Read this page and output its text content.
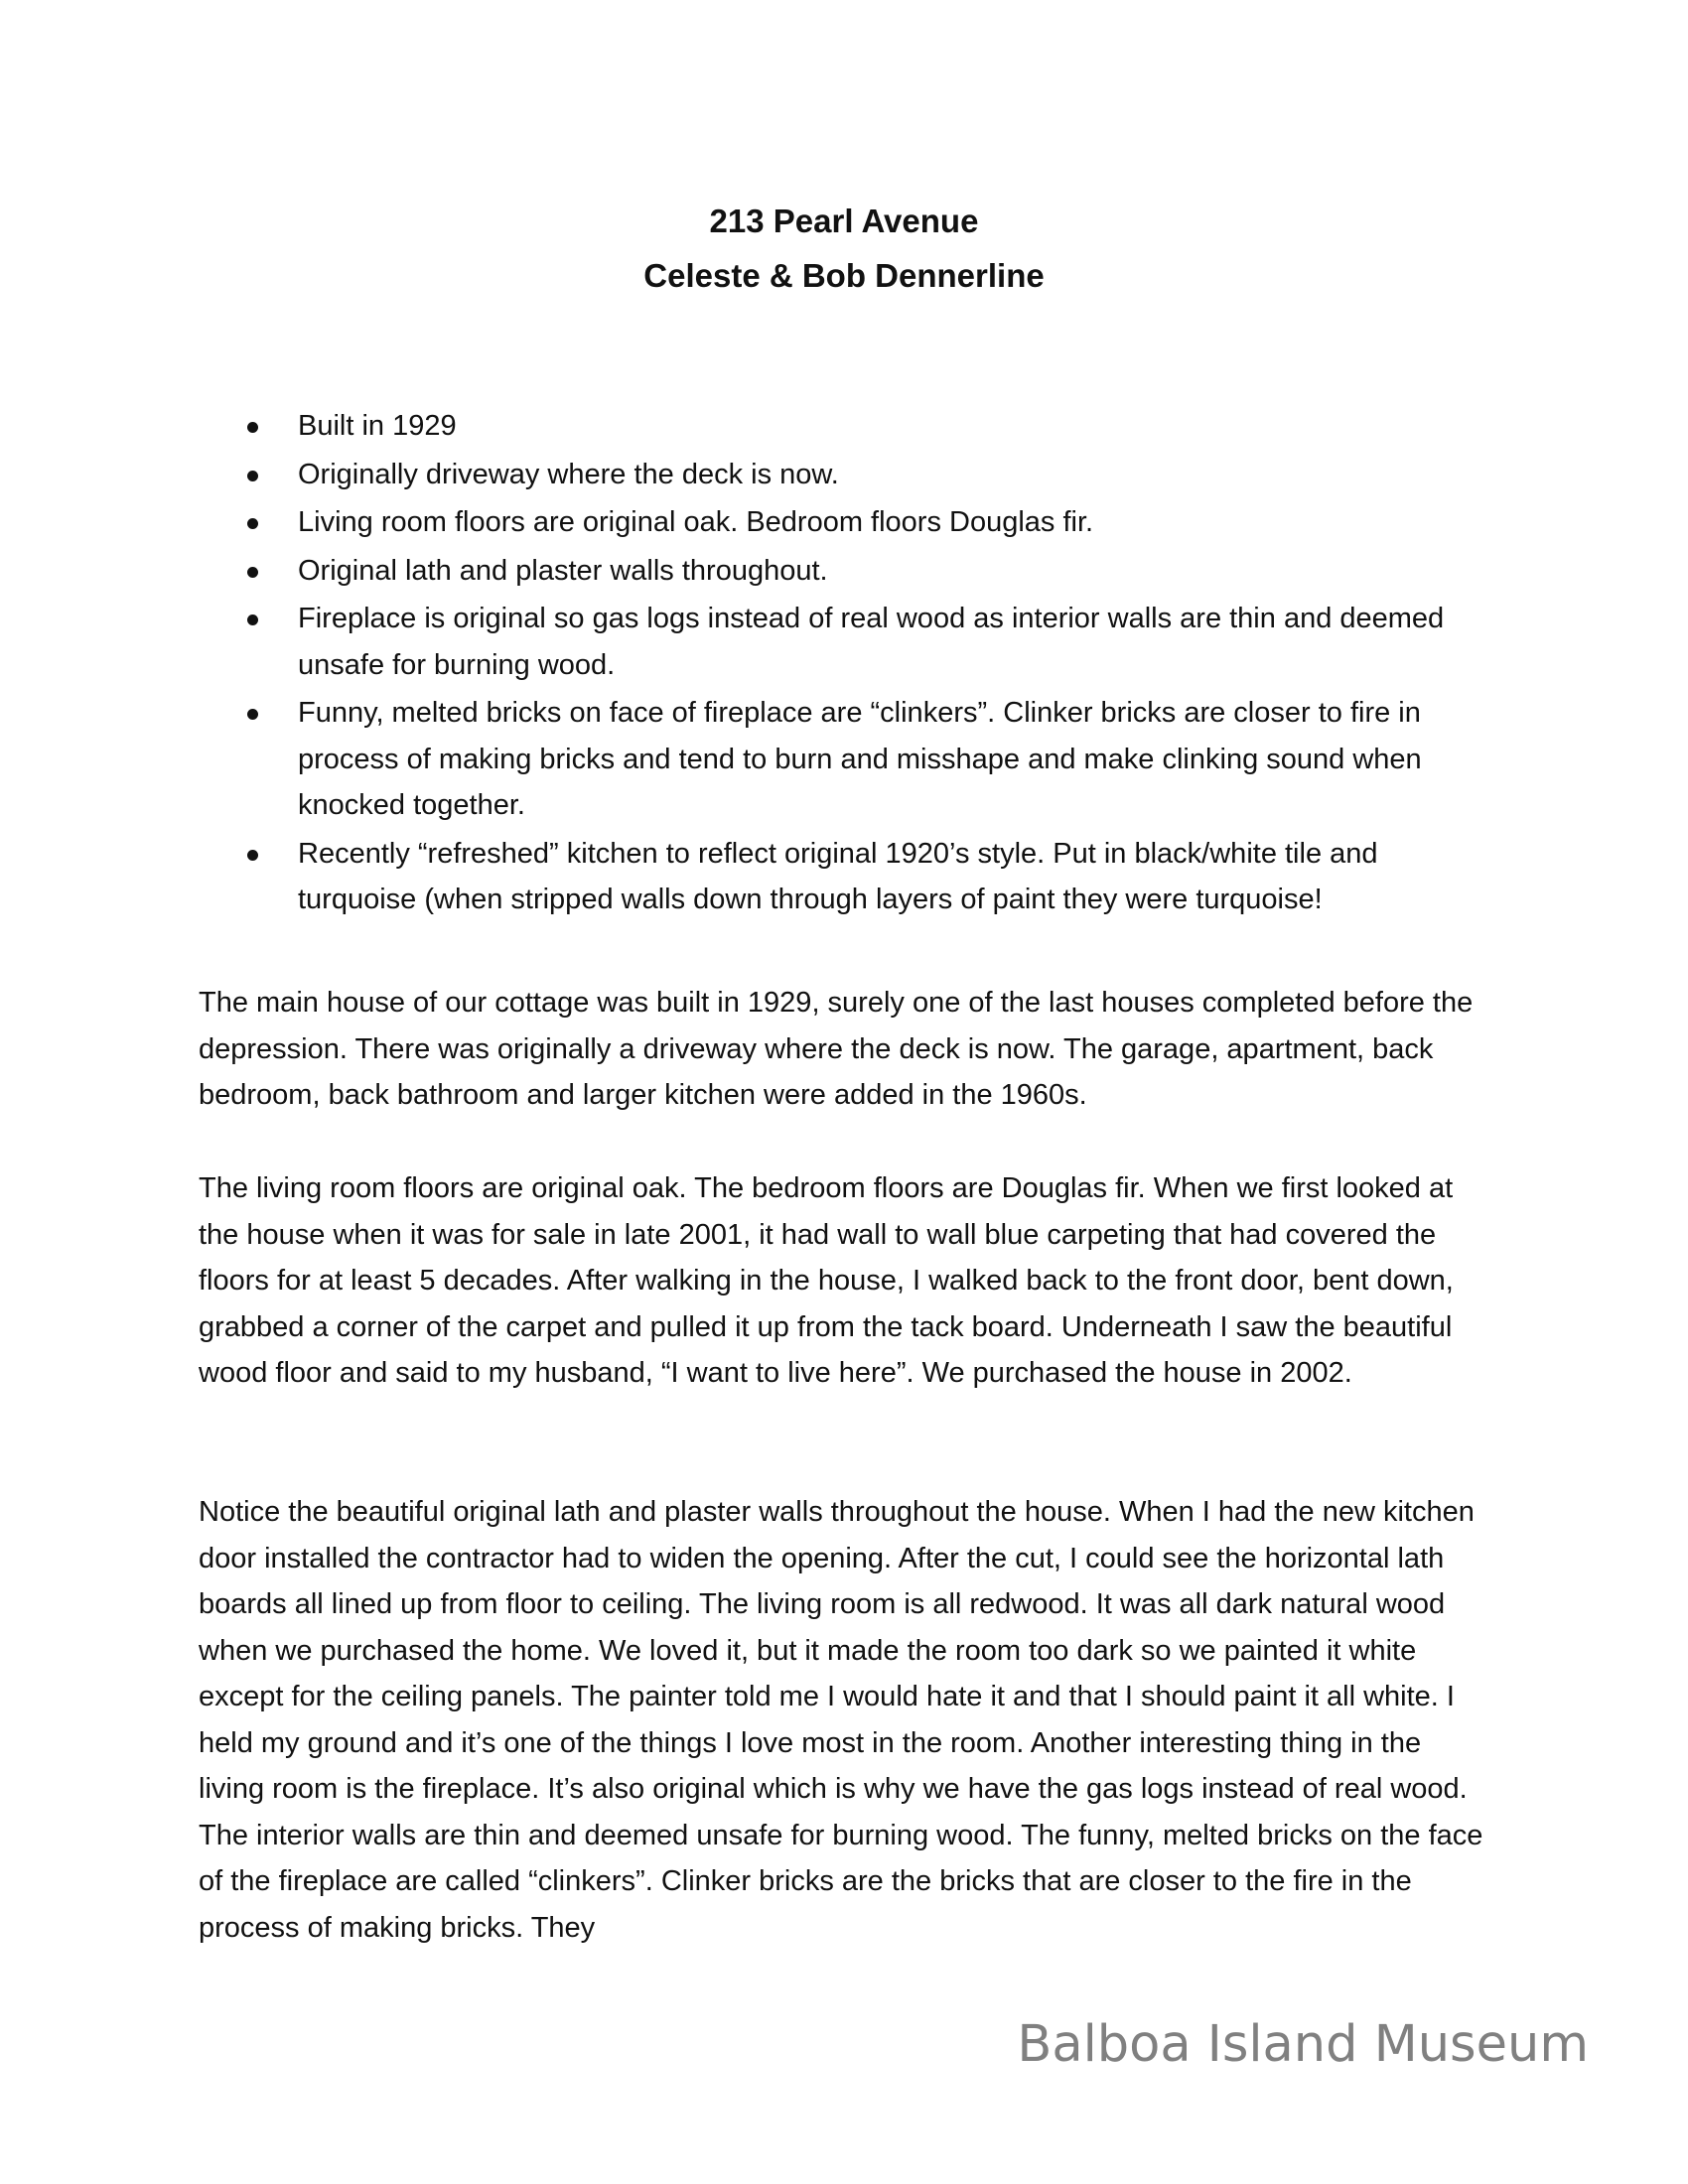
213 Pearl Avenue
Celeste & Bob Dennerline
Built in 1929
Originally driveway where the deck is now.
Living room floors are original oak. Bedroom floors Douglas fir.
Original lath and plaster walls throughout.
Fireplace is original so gas logs instead of real wood as interior walls are thin and deemed unsafe for burning wood.
Funny, melted bricks on face of fireplace are “clinkers”. Clinker bricks are closer to fire in process of making bricks and tend to burn and misshape and make clinking sound when knocked together.
Recently “refreshed” kitchen to reflect original 1920’s style. Put in black/white tile and turquoise (when stripped walls down through layers of paint they were turquoise!

The main house of our cottage was built in 1929, surely one of the last houses completed before the depression. There was originally a driveway where the deck is now. The garage, apartment, back bedroom, back bathroom and larger kitchen were added in the 1960s.

The living room floors are original oak. The bedroom floors are Douglas fir. When we first looked at the house when it was for sale in late 2001, it had wall to wall blue carpeting that had covered the floors for at least 5 decades. After walking in the house, I walked back to the front door, bent down, grabbed a corner of the carpet and pulled it up from the tack board. Underneath I saw the beautiful wood floor and said to my husband, “I want to live here”. We purchased the house in 2002.

Notice the beautiful original lath and plaster walls throughout the house. When I had the new kitchen door installed the contractor had to widen the opening. After the cut, I could see the horizontal lath boards all lined up from floor to ceiling. The living room is all redwood. It was all dark natural wood when we purchased the home. We loved it, but it made the room too dark so we painted it white except for the ceiling panels. The painter told me I would hate it and that I should paint it all white. I held my ground and it’s one of the things I love most in the room. Another interesting thing in the living room is the fireplace. It’s also original which is why we have the gas logs instead of real wood. The interior walls are thin and deemed unsafe for burning wood. The funny, melted bricks on the face of the fireplace are called “clinkers”. Clinker bricks are the bricks that are closer to the fire in the process of making bricks. They

Balboa Island Museum
